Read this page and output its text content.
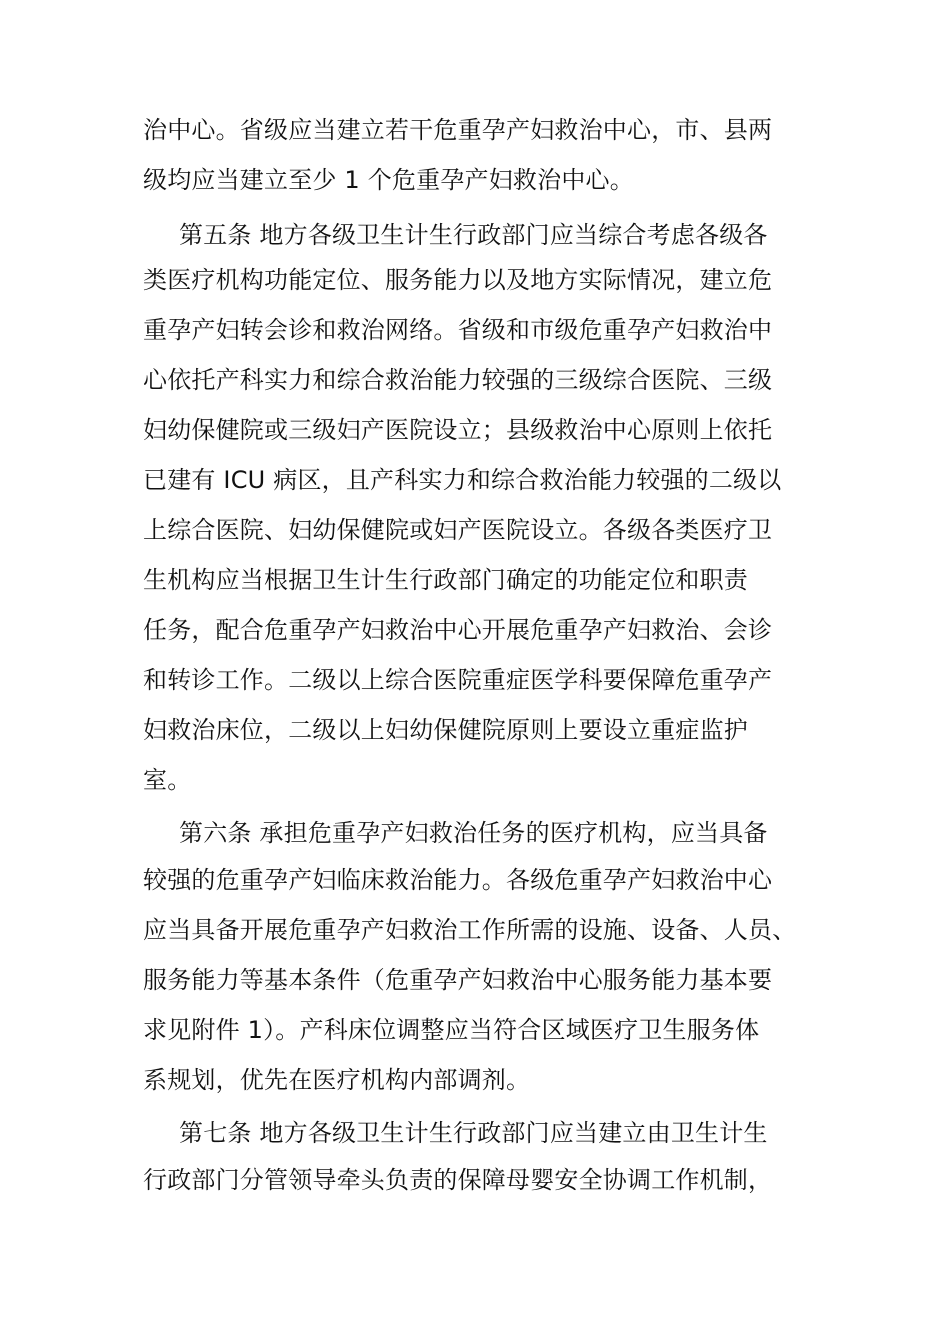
治中心。省级应当建立若干危重孕产妇救治中心，市、县两
级均应当建立至少 1 个危重孕产妇救治中心。
第五条 地方各级卫生计生行政部门应当综合考虑各级各
类医疗机构功能定位、服务能力以及地方实际情况，建立危
重孕产妇转会诊和救治网络。省级和市级危重孕产妇救治中
心依托产科实力和综合救治能力较强的三级综合医院、三级
妇幼保健院或三级妇产医院设立；县级救治中心原则上依托
已建有 ICU 病区，且产科实力和综合救治能力较强的二级以
上综合医院、妇幼保健院或妇产医院设立。各级各类医疗卫
生机构应当根据卫生计生行政部门确定的功能定位和职责
任务，配合危重孕产妇救治中心开展危重孕产妇救治、会诊
和转诊工作。二级以上综合医院重症医学科要保障危重孕产
妇救治床位，二级以上妇幼保健院原则上要设立重症监护
室。
第六条 承担危重孕产妇救治任务的医疗机构，应当具备
较强的危重孕产妇临床救治能力。各级危重孕产妇救治中心
应当具备开展危重孕产妇救治工作所需的设施、设备、人员、
服务能力等基本条件（危重孕产妇救治中心服务能力基本要
求见附件 1）。产科床位调整应当符合区域医疗卫生服务体
系规划，优先在医疗机构内部调剂。
第七条 地方各级卫生计生行政部门应当建立由卫生计生
行政部门分管领导牵头负责的保障母婴安全协调工作机制，
